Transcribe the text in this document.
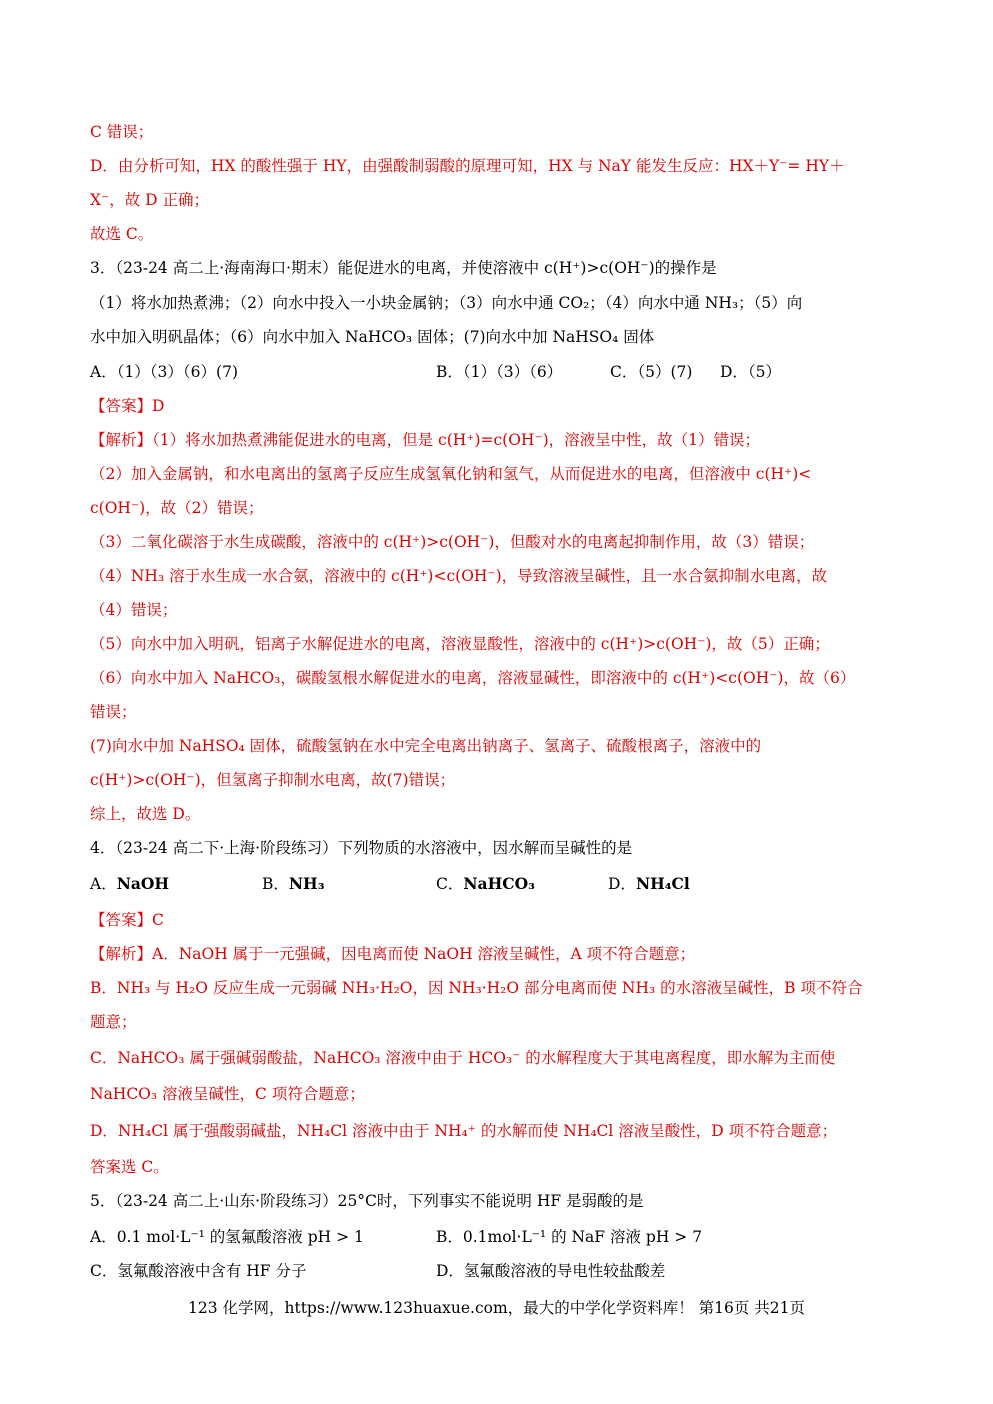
C 错误；
D．由分析可知，HX 的酸性强于 HY，由强酸制弱酸的原理可知，HX 与 NaY 能发生反应：HX＋Y⁻= HY＋
X⁻，故 D 正确；
故选 C。
3．（23-24 高二上·海南海口·期末）能促进水的电离，并使溶液中 c(H⁺)>c(OH⁻)的操作是
（1）将水加热煮沸；（2）向水中投入一小块金属钠；（3）向水中通 CO₂；（4）向水中通 NH₃；（5）向
水中加入明矾晶体；（6）向水中加入 NaHCO₃ 固体；(7)向水中加 NaHSO₄ 固体
A．（1）（3）（6）(7)	B．（1）（3）（6）	C．（5）(7) D．（5）
【答案】D
【解析】（1）将水加热煮沸能促进水的电离，但是 c(H⁺)=c(OH⁻)，溶液呈中性，故（1）错误；
（2）加入金属钠，和水电离出的氢离子反应生成氢氧化钠和氢气，从而促进水的电离，但溶液中 c(H⁺)<
c(OH⁻)，故（2）错误；
（3）二氧化碳溶于水生成碳酸，溶液中的 c(H⁺)>c(OH⁻)，但酸对水的电离起抑制作用，故（3）错误；
（4）NH₃ 溶于水生成一水合氨，溶液中的 c(H⁺)<c(OH⁻)，导致溶液呈碱性，且一水合氨抑制水电离，故
（4）错误；
（5）向水中加入明矾，铝离子水解促进水的电离，溶液显酸性，溶液中的 c(H⁺)>c(OH⁻)，故（5）正确；
（6）向水中加入 NaHCO₃，碳酸氢根水解促进水的电离，溶液显碱性，即溶液中的 c(H⁺)<c(OH⁻)，故（6）
错误；
(7)向水中加 NaHSO₄ 固体，硫酸氢钠在水中完全电离出钠离子、氢离子、硫酸根离子，溶液中的
c(H⁺)>c(OH⁻)，但氢离子抑制水电离，故(7)错误；
综上，故选 D。
4．（23-24 高二下·上海·阶段练习）下列物质的水溶液中，因水解而呈碱性的是
A．NaOH	B．NH₃	C．NaHCO₃	D．NH₄Cl
【答案】C
【解析】A．NaOH 属于一元强碱，因电离而使 NaOH 溶液呈碱性，A 项不符合题意；
B．NH₃ 与 H₂O 反应生成一元弱碱 NH₃·H₂O，因 NH₃·H₂O 部分电离而使 NH₃ 的水溶液呈碱性，B 项不符合
题意；
C．NaHCO₃ 属于强碱弱酸盐，NaHCO₃ 溶液中由于 HCO₃⁻ 的水解程度大于其电离程度，即水解为主而使
NaHCO₃ 溶液呈碱性，C 项符合题意；
D．NH₄Cl 属于强酸弱碱盐，NH₄Cl 溶液中由于 NH₄⁺ 的水解而使 NH₄Cl 溶液呈酸性，D 项不符合题意；
答案选 C。
5．（23-24 高二上·山东·阶段练习）25°C时，下列事实不能说明 HF 是弱酸的是
A．0.1 mol·L⁻¹ 的氢氟酸溶液 pH > 1	B．0.1mol·L⁻¹ 的 NaF 溶液 pH > 7
C．氢氟酸溶液中含有 HF 分子	D．氢氟酸溶液的导电性较盐酸差
123 化学网，https://www.123huaxue.com，最大的中学化学资料库！ 第16页 共21页
